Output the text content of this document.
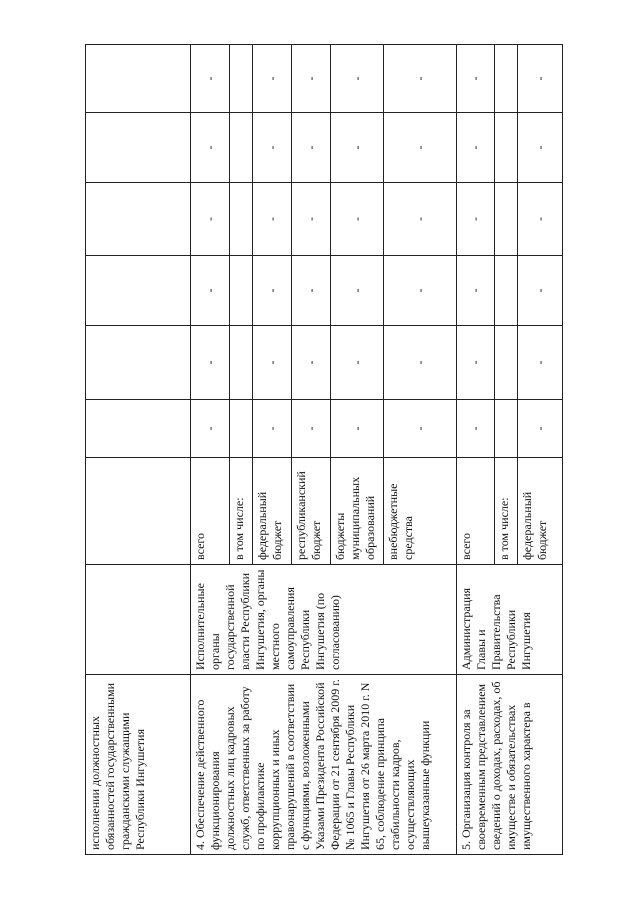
исполнении должностных обязанностей государственными гражданскими служащими Республики Ингушетия								
4. Обеспечение действенного функционирования должностных лиц кадровых служб, ответственных за работу по профилактике коррупционных и иных правонарушений в соответствии с функциями, возложенными Указами Президента Российской Федерации от 21 сентября 2009 г. № 1065 и Главы Республики Ингушетия от 26 марта 2010 г. N 65, соблюдение принципа стабильности кадров, осуществляющих вышеуказанные функции	Исполнительные органы государственной власти Республики Ингушетия, органы местного самоуправления Республики Ингушетия (по согласованию)	всего	-	-	-	-	-	-
		в том числе:						
		федеральный бюджет	-	-	-	-	-	-
		республиканский бюджет	-	-	-	-	-	-
		бюджеты муниципальных образований	-	-	-	-	-	-
		внебюджетные средства	-	-	-	-	-	-
5. Организация контроля за своевременным представлением сведений о доходах, расходах, об имуществе и обязательствах имущественного характера в	Администрация Главы и Правительства Республики Ингушетия	всего	-	-	-	-	-	-
		в том числе:						
		федеральный бюджет	-	-	-	-	-	-
